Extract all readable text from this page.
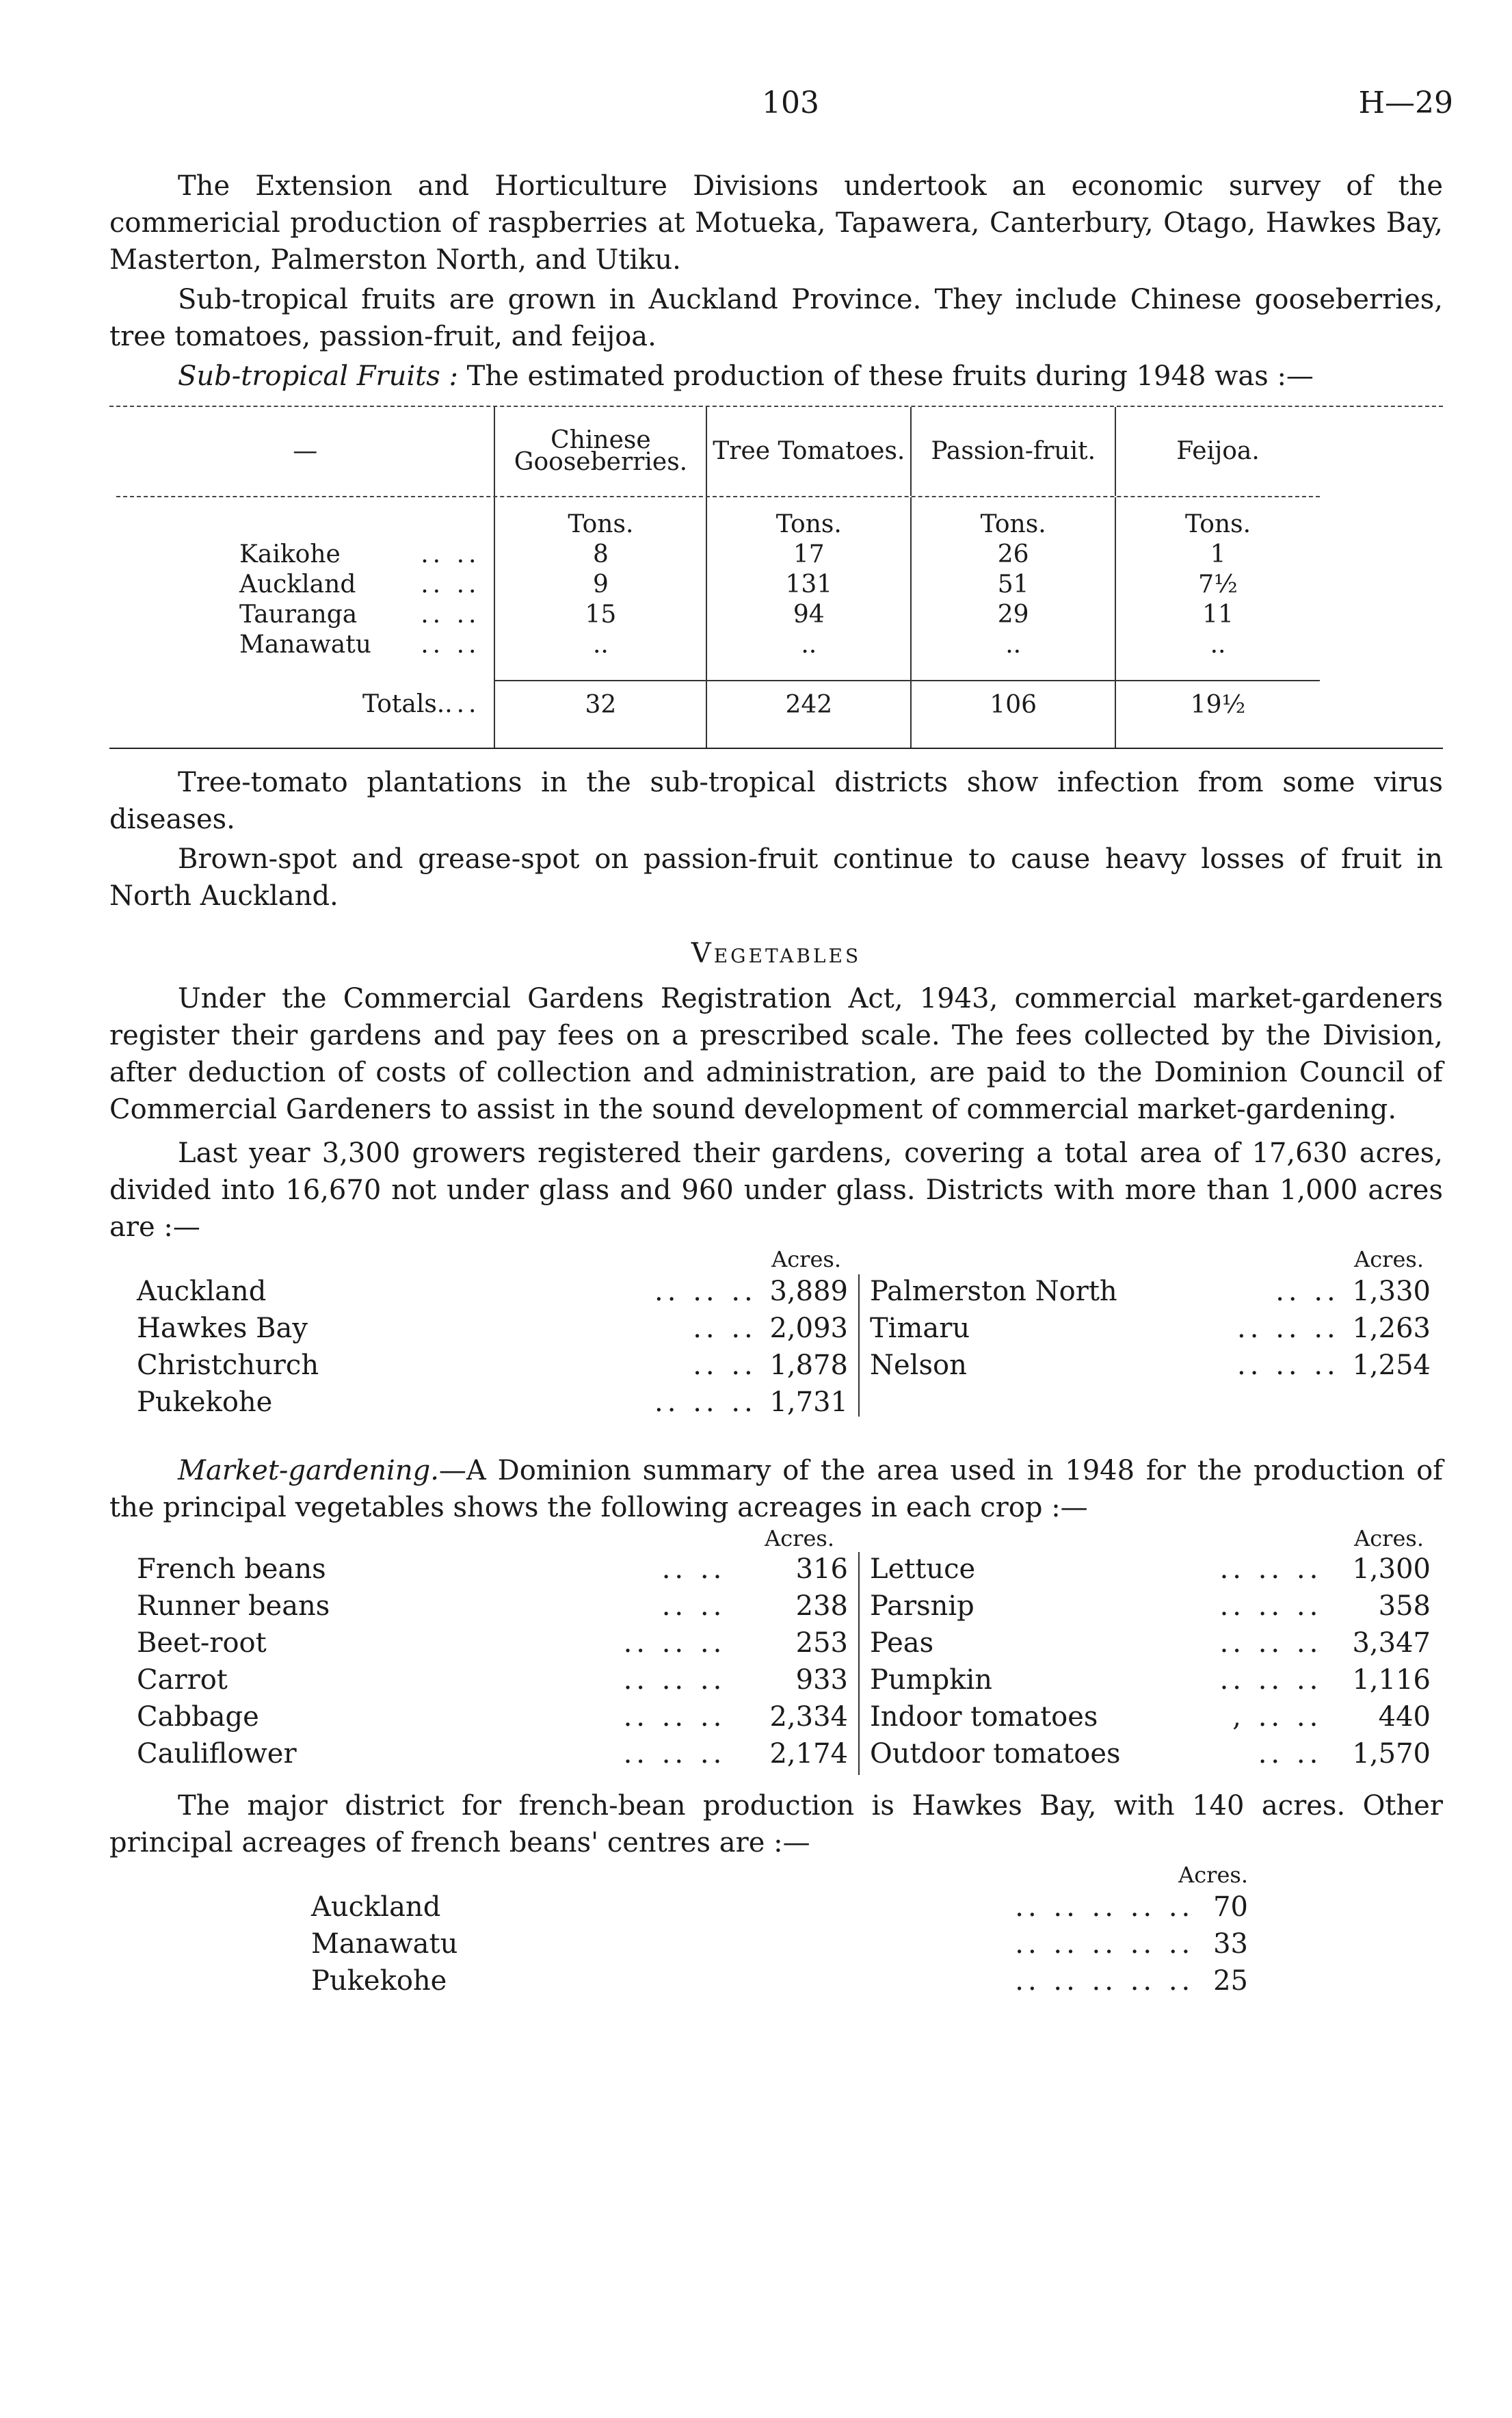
103	H—29

The Extension and Horticulture Divisions undertook an economic survey of the commericial production of raspberries at Motueka, Tapawera, Canterbury, Otago, Hawkes Bay, Masterton, Palmerston North, and Utiku.

Sub-tropical fruits are grown in Auckland Province. They include Chinese gooseberries, tree tomatoes, passion-fruit, and feijoa.

Sub-tropical Fruits : The estimated production of these fruits during 1948 was :—

—	Chinese Gooseberries.	Tree Tomatoes.	Passion-fruit.	Feijoa.

	Tons.	Tons.	Tons.	Tons.
Kaikohe .. ..	8	17	26	1
Auckland .. ..	9	131	51	7½
Tauranga .. ..	15	94	29	11
Manawatu .. ..	..	..	..	..

Totals.. ..	32	242	106	19½

Tree-tomato plantations in the sub-tropical districts show infection from some virus diseases.

Brown-spot and grease-spot on passion-fruit continue to cause heavy losses of fruit in North Auckland.

Vegetables

Under the Commercial Gardens Registration Act, 1943, commercial market-gardeners register their gardens and pay fees on a prescribed scale. The fees collected by the Division, after deduction of costs of collection and administration, are paid to the Dominion Council of Commercial Gardeners to assist in the sound development of commercial market-gardening.

Last year 3,300 growers registered their gardens, covering a total area of 17,630 acres, divided into 16,670 not under glass and 960 under glass. Districts with more than 1,000 acres are :—

Acres.
Auckland	.. .. .. 3,889
Hawkes Bay	.. .. 2,093
Christchurch	.. .. 1,878
Pukekohe	.. .. .. 1,731
Acres.
Palmerston North	.. .. 1,330
Timaru	.. .. .. 1,263
Nelson	.. .. .. 1,254

Market-gardening.—A Dominion summary of the area used in 1948 for the production of the principal vegetables shows the following acreages in each crop :—

Acres.
French beans	.. .. 316
Runner beans	.. .. 238
Beet-root	.. .. .. 253
Carrot	.. .. .. 933
Cabbage	.. .. .. 2,334
Cauliflower	.. .. .. 2,174
Acres.
Lettuce	.. .. .. 1,300
Parsnip	.. .. .. 358
Peas	.. .. .. 3,347
Pumpkin	.. .. .. 1,116
Indoor tomatoes	, .. .. 440
Outdoor tomatoes	.. .. 1,570

The major district for french-bean production is Hawkes Bay, with 140 acres. Other principal acreages of french beans' centres are :—

Acres.
Auckland	.. .. .. .. .. 70
Manawatu	.. .. .. .. .. 33
Pukekohe	.. .. .. .. .. 25
